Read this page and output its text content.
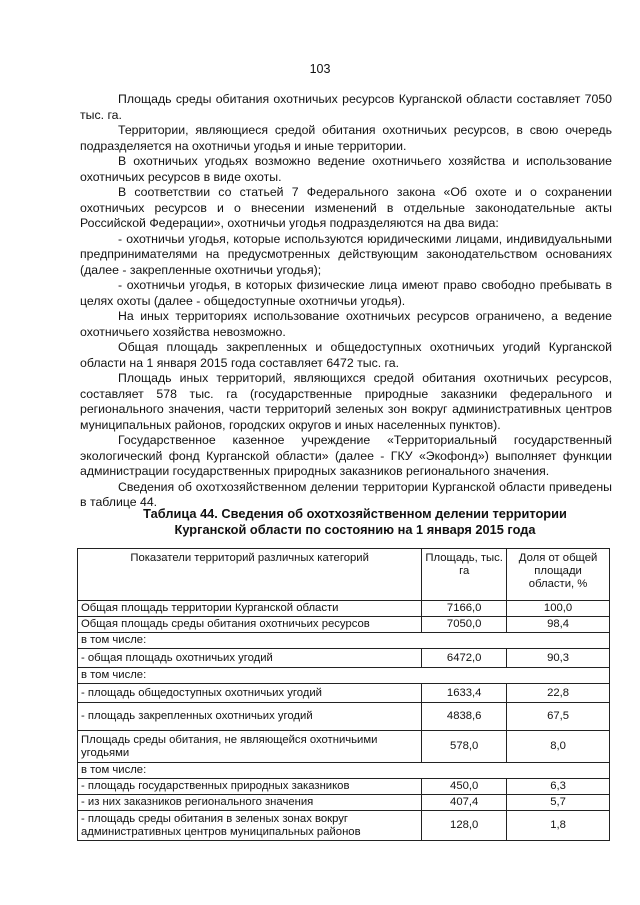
103

Площадь среды обитания охотничьих ресурсов Курганской области составляет 7050 тыс. га.

Территории, являющиеся средой обитания охотничьих ресурсов, в свою очередь подразделяется на охотничьи угодья и иные территории.

В охотничьих угодьях возможно ведение охотничьего хозяйства и использование охотничьих ресурсов в виде охоты.

В соответствии со статьей 7 Федерального закона «Об охоте и о сохранении охотничьих ресурсов и о внесении изменений в отдельные законодательные акты Российской Федерации», охотничьи угодья подразделяются на два вида:

- охотничьи угодья, которые используются юридическими лицами, индивидуальными предпринимателями на предусмотренных действующим законодательством основаниях (далее - закрепленные охотничьи угодья);

- охотничьи угодья, в которых физические лица имеют право свободно пребывать в целях охоты (далее - общедоступные охотничьи угодья).

На иных территориях использование охотничьих ресурсов ограничено, а ведение охотничьего хозяйства невозможно.

Общая площадь закрепленных и общедоступных охотничьих угодий Курганской области на 1 января 2015 года составляет 6472 тыс. га.

Площадь иных территорий, являющихся средой обитания охотничьих ресурсов, составляет 578 тыс. га (государственные природные заказники федерального и регионального значения, части территорий зеленых зон вокруг административных центров муниципальных районов, городских округов и иных населенных пунктов).

Государственное казенное учреждение «Территориальный государственный экологический фонд Курганской области» (далее - ГКУ «Экофонд») выполняет функции администрации государственных природных заказников регионального значения.

Сведения об охотхозяйственном делении территории Курганской области приведены в таблице 44.

Таблица 44. Сведения об охотхозяйственном делении территории
Курганской области по состоянию на 1 января 2015 года
Показатели территорий различных категорий	Площадь, тыс. га	Доля от общей площади области, %
Общая площадь территории Курганской области	7166,0	100,0
Общая площадь среды обитания охотничьих ресурсов	7050,0	98,4
в том числе:		
- общая площадь охотничьих угодий	6472,0	90,3
в том числе:		
- площадь общедоступных охотничьих угодий	1633,4	22,8
- площадь закрепленных охотничьих угодий	4838,6	67,5
Площадь среды обитания, не являющейся охотничьими угодьями	578,0	8,0
в том числе:		
- площадь государственных природных заказников	450,0	6,3
- из них заказников регионального значения	407,4	5,7
- площадь среды обитания в зеленых зонах вокруг административных центров муниципальных районов	128,0	1,8
